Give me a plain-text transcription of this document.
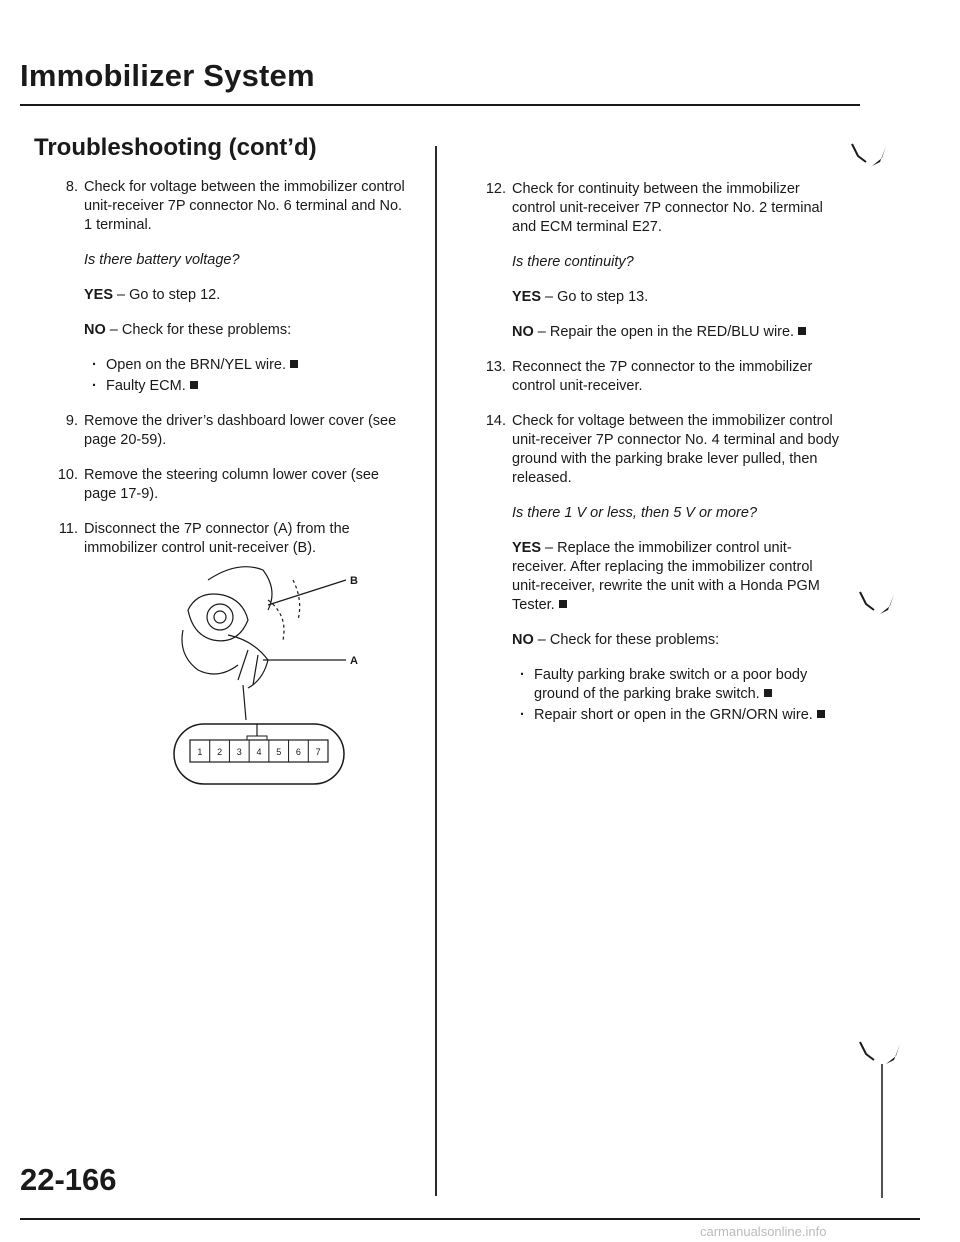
Immobilizer System
Troubleshooting (cont’d)
8. Check for voltage between the immobilizer control unit-receiver 7P connector No. 6 terminal and No. 1 terminal.

Is there battery voltage?

YES – Go to step 12.

NO – Check for these problems:

· Open on the BRN/YEL wire.
· Faulty ECM.
9. Remove the driver’s dashboard lower cover (see page 20-59).
10. Remove the steering column lower cover (see page 17-9).
11. Disconnect the 7P connector (A) from the immobilizer control unit-receiver (B).
B
A
1 2 3 4 5 6 7
12. Check for continuity between the immobilizer control unit-receiver 7P connector No. 2 terminal and ECM terminal E27.

Is there continuity?

YES – Go to step 13.

NO – Repair the open in the RED/BLU wire.

13. Reconnect the 7P connector to the immobilizer control unit-receiver.
14. Check for voltage between the immobilizer control unit-receiver 7P connector No. 4 terminal and body ground with the parking brake lever pulled, then released.

Is there 1 V or less, then 5 V or more?

YES – Replace the immobilizer control unit-receiver. After replacing the immobilizer control unit-receiver, rewrite the unit with a Honda PGM Tester.

NO – Check for these problems:

· Faulty parking brake switch or a poor body ground of the parking brake switch.
· Repair short or open in the GRN/ORN wire.
22-166
carmanualsonline.info
